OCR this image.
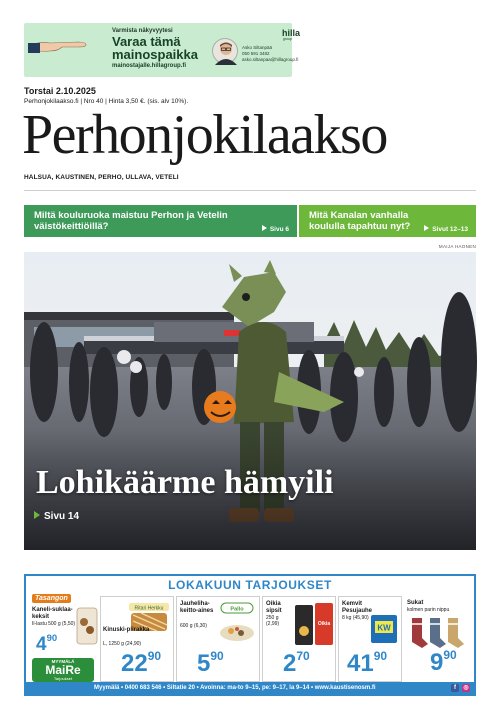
Varmista näkyvyytesi
Varaa tämä mainospaikka
mainostajalle.hillagroup.fi
hilla
group
Asko Siltanpää
050 591 3482
asko.siltanpaa@hillagroup.fi
Torstai 2.10.2025
Perhonjokilaakso.fi | Nro 40 | Hinta 3,50 €. (sis. alv 10%).
Perhonjokilaakso
HALSUA, KAUSTINEN, PERHO, ULLAVA, VETELI
Miltä kouluruoka maistuu Perhon ja Vetelin väistökeittiöillä?	Sivu 6
Mitä Kanalan vanhalla koululla tapahtuu nyt?	Sivut 12–13
MAIJA HAONEN
Lohikäärme hämyili
Sivu 14
LOKAKUUN TARJOUKSET
Tasangon
Kaneli-suklaa-keksit
Il-lastu 500 g (5,50)
$4^{90}$
MYYMÄLÄ
MaiRe
Tarjoukset
Ritari Herkku
Kinuski-piirakka
L, 1250 g (24,90)
$22^{90}$
Jauheliha-keitto-aines
600 g (6,30)
Pallo
$5^{90}$
Oikia sipsit
250 g (2,99)	Oikia
$2^{70}$
Kemvit Pesujauhe
8 kg (45,90)
KW
$41^{90}$
Sukat
kolmen parin nippu
$9^{90}$
Myymälä • 0400 683 546 • Siltatie 20 • Avoinna: ma-to 9–15, pe: 9–17, la 9–14 • www.kaustisenosm.fi	f	◎
